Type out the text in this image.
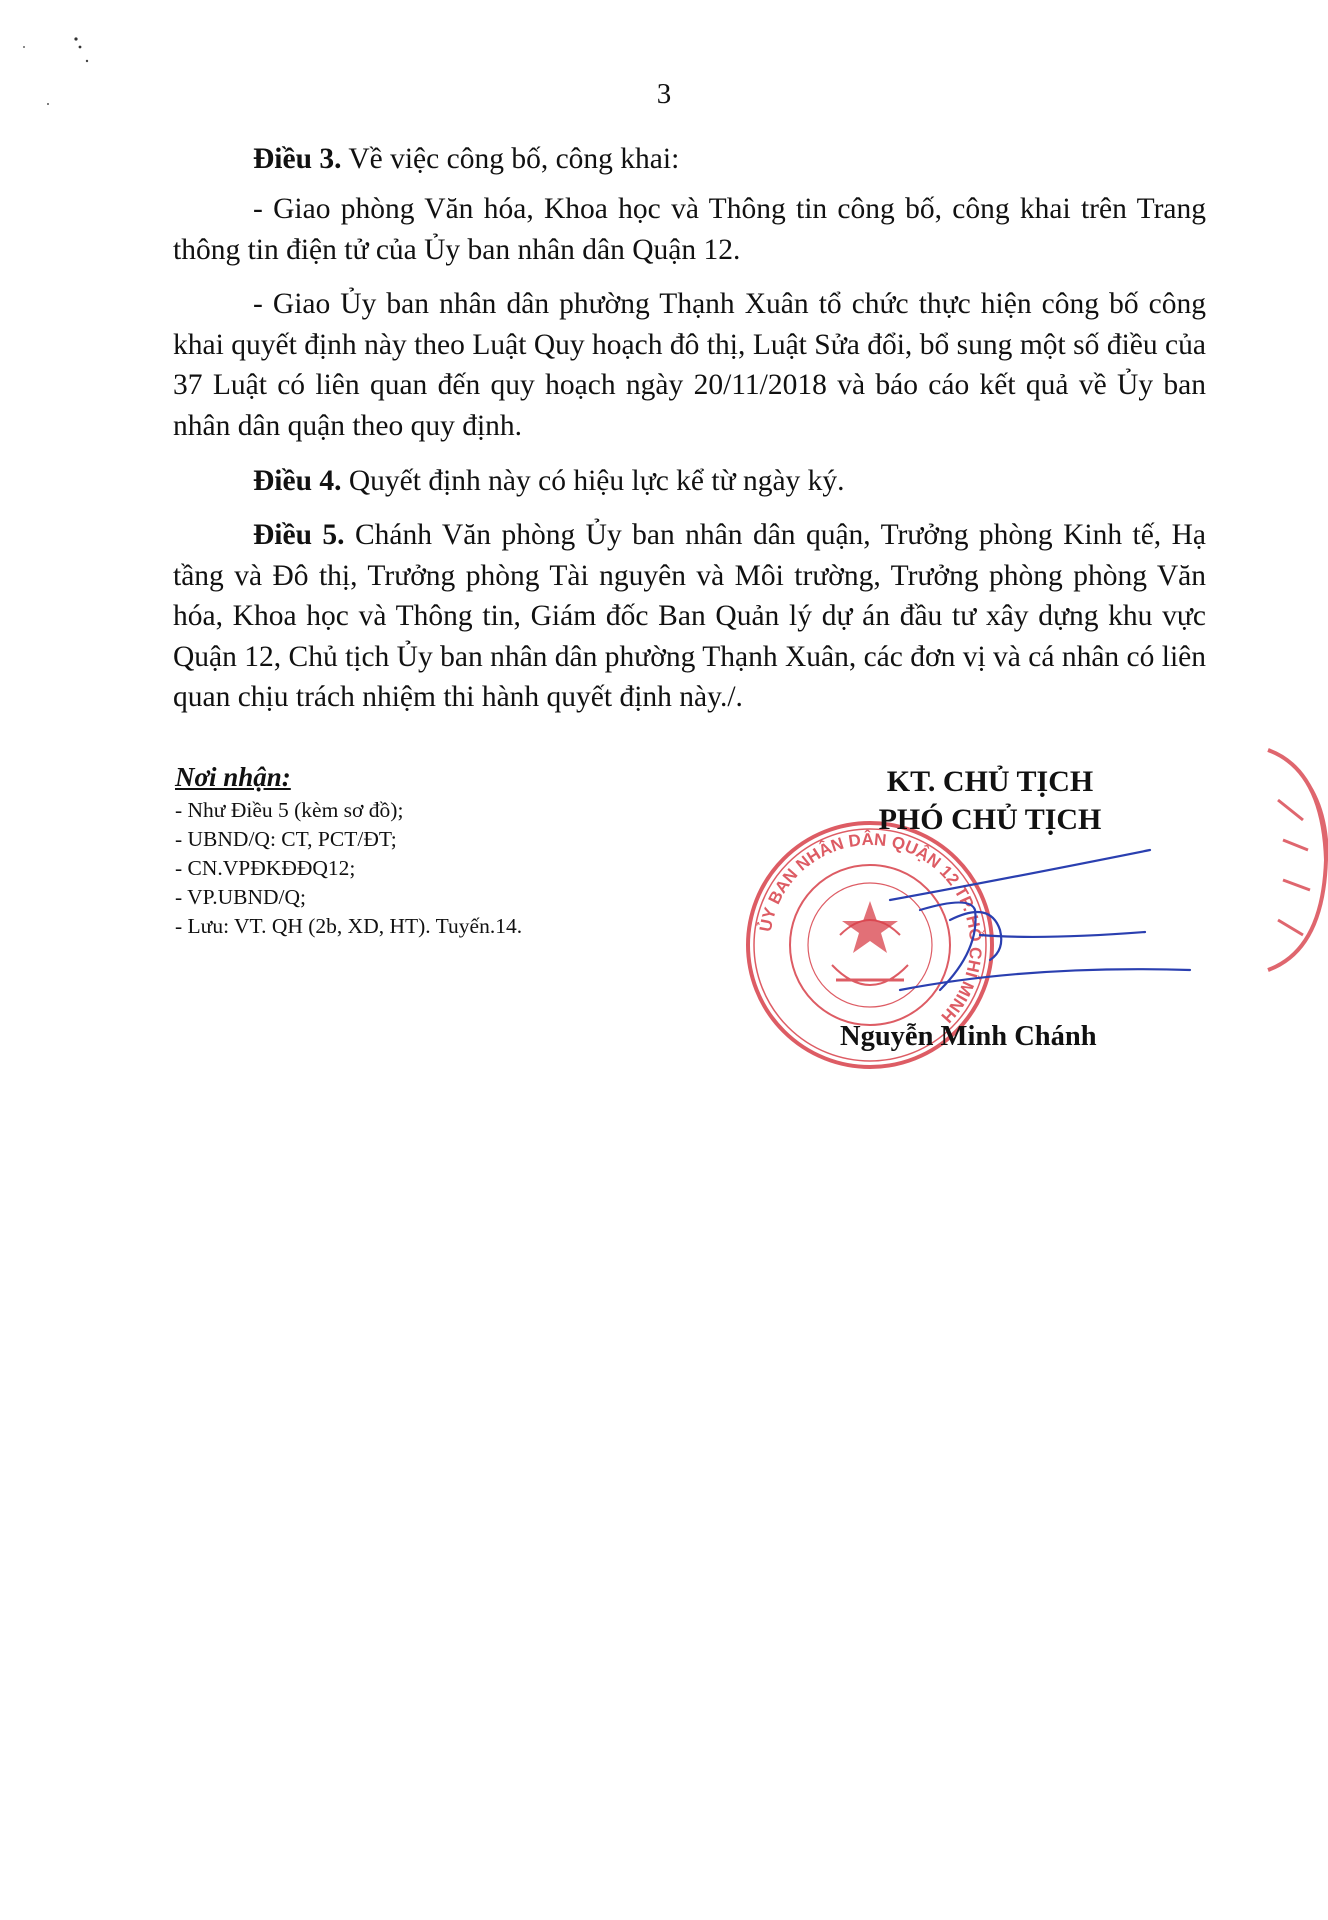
3

Điều 3. Về việc công bố, công khai:

- Giao phòng Văn hóa, Khoa học và Thông tin công bố, công khai trên Trang thông tin điện tử của Ủy ban nhân dân Quận 12.

- Giao Ủy ban nhân dân phường Thạnh Xuân tổ chức thực hiện công bố công khai quyết định này theo Luật Quy hoạch đô thị, Luật Sửa đổi, bổ sung một số điều của 37 Luật có liên quan đến quy hoạch ngày 20/11/2018 và báo cáo kết quả về Ủy ban nhân dân quận theo quy định.

Điều 4. Quyết định này có hiệu lực kể từ ngày ký.

Điều 5. Chánh Văn phòng Ủy ban nhân dân quận, Trưởng phòng Kinh tế, Hạ tầng và Đô thị, Trưởng phòng Tài nguyên và Môi trường, Trưởng phòng phòng Văn hóa, Khoa học và Thông tin, Giám đốc Ban Quản lý dự án đầu tư xây dựng khu vực Quận 12, Chủ tịch Ủy ban nhân dân phường Thạnh Xuân, các đơn vị và cá nhân có liên quan chịu trách nhiệm thi hành quyết định này./.

Nơi nhận:

- Như Điều 5 (kèm sơ đồ);
- UBND/Q: CT, PCT/ĐT;
- CN.VPĐKĐĐQ12;
- VP.UBND/Q;
- Lưu: VT. QH (2b, XD, HT). Tuyến.14.	ỦY BAN NHÂN DÂN QUẬN 12 TP. HỒ CHÍ MINH
KT. CHỦ TỊCH
PHÓ CHỦ TỊCH
Nguyễn Minh Chánh
